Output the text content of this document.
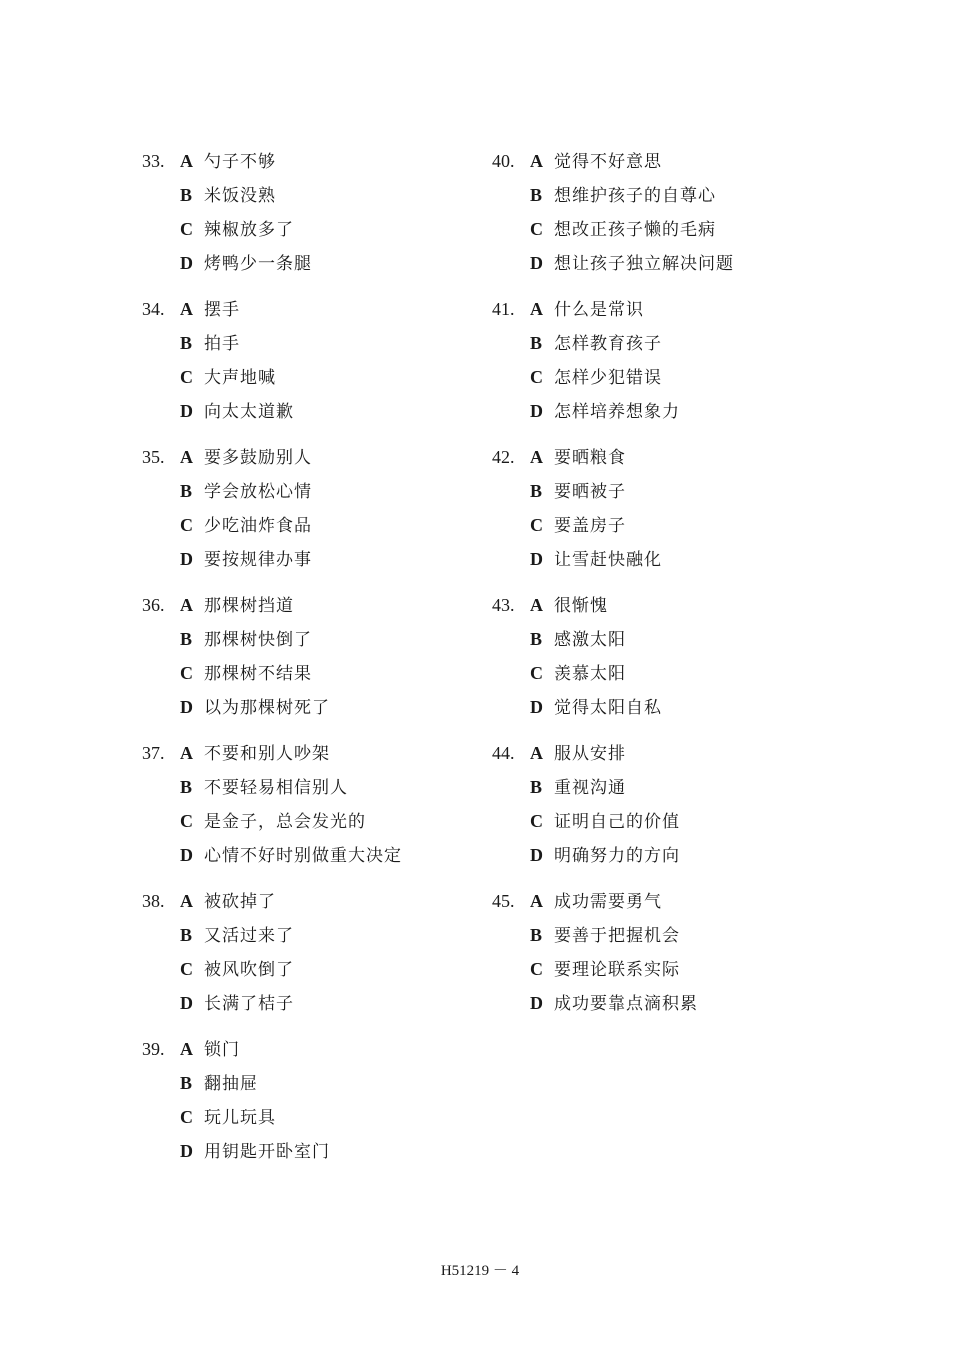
33. A 勺子不够
B 米饭没熟
C 辣椒放多了
D 烤鸭少一条腿
34. A 摆手
B 拍手
C 大声地喊
D 向太太道歉
35. A 要多鼓励别人
B 学会放松心情
C 少吃油炸食品
D 要按规律办事
36. A 那棵树挡道
B 那棵树快倒了
C 那棵树不结果
D 以为那棵树死了
37. A 不要和别人吵架
B 不要轻易相信别人
C 是金子，总会发光的
D 心情不好时别做重大决定
38. A 被砍掉了
B 又活过来了
C 被风吹倒了
D 长满了桔子
39. A 锁门
B 翻抽屉
C 玩儿玩具
D 用钥匙开卧室门
40. A 觉得不好意思
B 想维护孩子的自尊心
C 想改正孩子懒的毛病
D 想让孩子独立解决问题
41. A 什么是常识
B 怎样教育孩子
C 怎样少犯错误
D 怎样培养想象力
42. A 要晒粮食
B 要晒被子
C 要盖房子
D 让雪赶快融化
43. A 很惭愧
B 感激太阳
C 羡慕太阳
D 觉得太阳自私
44. A 服从安排
B 重视沟通
C 证明自己的价值
D 明确努力的方向
45. A 成功需要勇气
B 要善于把握机会
C 要理论联系实际
D 成功要靠点滴积累
H51219 － 4
